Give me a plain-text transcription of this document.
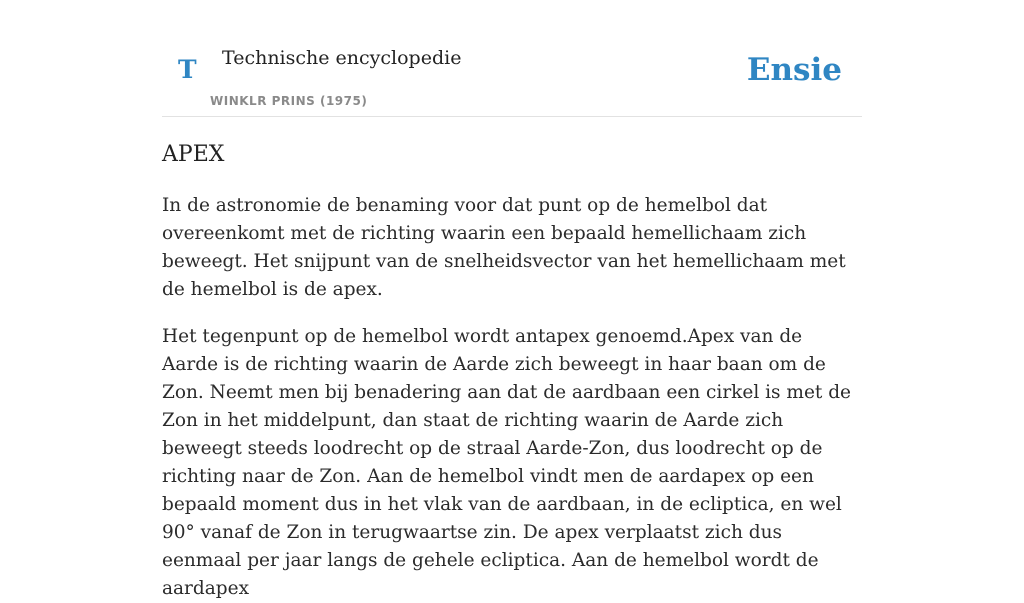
T Technische encyclopedie
WINKLR PRINS (1975)
Ensie
APEX

In de astronomie de benaming voor dat punt op de hemelbol dat overeenkomt met de richting waarin een bepaald hemellichaam zich beweegt. Het snijpunt van de snelheidsvector van het hemellichaam met de hemelbol is de apex.

Het tegenpunt op de hemelbol wordt antapex genoemd.Apex van de Aarde is de richting waarin de Aarde zich beweegt in haar baan om de Zon. Neemt men bij benadering aan dat de aardbaan een cirkel is met de Zon in het middelpunt, dan staat de richting waarin de Aarde zich beweegt steeds loodrecht op de straal Aarde-Zon, dus loodrecht op de richting naar de Zon. Aan de hemelbol vindt men de aardapex op een bepaald moment dus in het vlak van de aardbaan, in de ecliptica, en wel 90° vanaf de Zon in terugwaartse zin. De apex verplaatst zich dus eenmaal per jaar langs de gehele ecliptica. Aan de hemelbol wordt de aardapex
